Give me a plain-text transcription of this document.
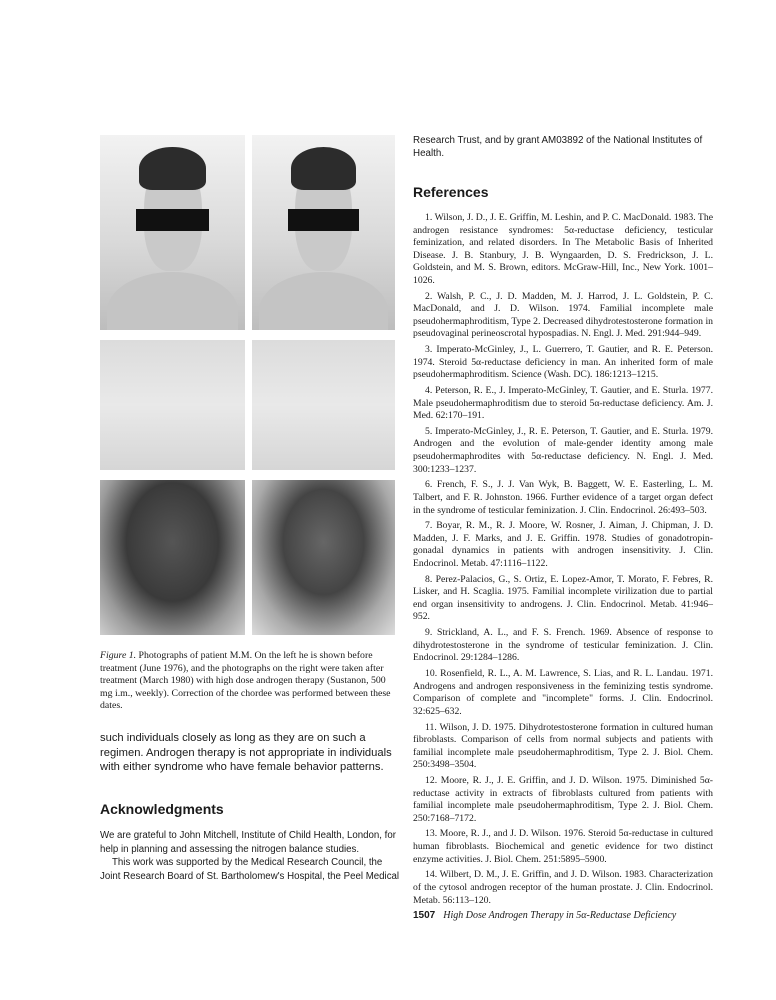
Figure 1. Photographs of patient M.M. On the left he is shown before treatment (June 1976), and the photographs on the right were taken after treatment (March 1980) with high dose androgen therapy (Sustanon, 500 mg i.m., weekly). Correction of the chordee was performed between these dates.
such individuals closely as long as they are on such a regimen. Androgen therapy is not appropriate in individuals with either syndrome who have female behavior patterns.
Acknowledgments

We are grateful to John Mitchell, Institute of Child Health, London, for help in planning and assessing the nitrogen balance studies.

This work was supported by the Medical Research Council, the Joint Research Board of St. Bartholomew's Hospital, the Peel Medical

Research Trust, and by grant AM03892 of the National Institutes of Health.
References

1. Wilson, J. D., J. E. Griffin, M. Leshin, and P. C. MacDonald. 1983. The androgen resistance syndromes: 5α-reductase deficiency, testicular feminization, and related disorders. In The Metabolic Basis of Inherited Disease. J. B. Stanbury, J. B. Wyngaarden, D. S. Fredrickson, J. L. Goldstein, and M. S. Brown, editors. McGraw-Hill, Inc., New York. 1001–1026.

2. Walsh, P. C., J. D. Madden, M. J. Harrod, J. L. Goldstein, P. C. MacDonald, and J. D. Wilson. 1974. Familial incomplete male pseudohermaphroditism, Type 2. Decreased dihydrotestosterone formation in pseudovaginal perineoscrotal hypospadias. N. Engl. J. Med. 291:944–949.

3. Imperato-McGinley, J., L. Guerrero, T. Gautier, and R. E. Peterson. 1974. Steroid 5α-reductase deficiency in man. An inherited form of male pseudohermaphroditism. Science (Wash. DC). 186:1213–1215.

4. Peterson, R. E., J. Imperato-McGinley, T. Gautier, and E. Sturla. 1977. Male pseudohermaphroditism due to steroid 5α-reductase deficiency. Am. J. Med. 62:170–191.

5. Imperato-McGinley, J., R. E. Peterson, T. Gautier, and E. Sturla. 1979. Androgen and the evolution of male-gender identity among male pseudohermaphrodites with 5α-reductase deficiency. N. Engl. J. Med. 300:1233–1237.

6. French, F. S., J. J. Van Wyk, B. Baggett, W. E. Easterling, L. M. Talbert, and F. R. Johnston. 1966. Further evidence of a target organ defect in the syndrome of testicular feminization. J. Clin. Endocrinol. 26:493–503.

7. Boyar, R. M., R. J. Moore, W. Rosner, J. Aiman, J. Chipman, J. D. Madden, J. F. Marks, and J. E. Griffin. 1978. Studies of gonadotropin-gonadal dynamics in patients with androgen insensitivity. J. Clin. Endocrinol. Metab. 47:1116–1122.

8. Perez-Palacios, G., S. Ortiz, E. Lopez-Amor, T. Morato, F. Febres, R. Lisker, and H. Scaglia. 1975. Familial incomplete virilization due to partial end organ insensitivity to androgens. J. Clin. Endocrinol. Metab. 41:946–952.

9. Strickland, A. L., and F. S. French. 1969. Absence of response to dihydrotestosterone in the syndrome of testicular feminization. J. Clin. Endocrinol. 29:1284–1286.

10. Rosenfield, R. L., A. M. Lawrence, S. Lias, and R. L. Landau. 1971. Androgens and androgen responsiveness in the feminizing testis syndrome. Comparison of complete and "incomplete" forms. J. Clin. Endocrinol. 32:625–632.

11. Wilson, J. D. 1975. Dihydrotestosterone formation in cultured human fibroblasts. Comparison of cells from normal subjects and patients with familial incomplete male pseudohermaphroditism, Type 2. J. Biol. Chem. 250:3498–3504.

12. Moore, R. J., J. E. Griffin, and J. D. Wilson. 1975. Diminished 5α-reductase activity in extracts of fibroblasts cultured from patients with familial incomplete male pseudohermaphroditism, Type 2. J. Biol. Chem. 250:7168–7172.

13. Moore, R. J., and J. D. Wilson. 1976. Steroid 5α-reductase in cultured human fibroblasts. Biochemical and genetic evidence for two distinct enzyme activities. J. Biol. Chem. 251:5895–5900.

14. Wilbert, D. M., J. E. Griffin, and J. D. Wilson. 1983. Characterization of the cytosol androgen receptor of the human prostate. J. Clin. Endocrinol. Metab. 56:113–120.

1507 High Dose Androgen Therapy in 5α-Reductase Deficiency
